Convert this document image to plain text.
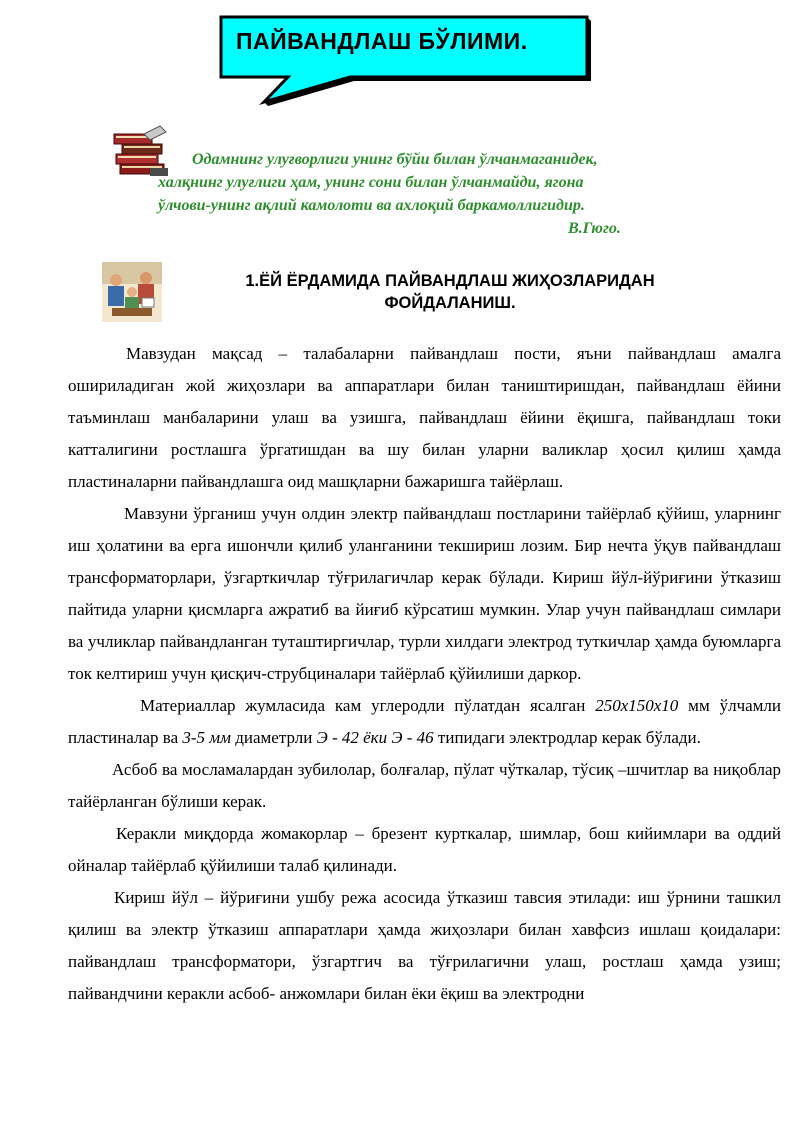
ПАЙВАНДЛАШ БЎЛИМИ.
Одамнинг улуғворлиги унинг бўйи билан ўлчанмаганидек,
халқнинг улуғлиги ҳам, унинг сони билан ўлчанмайди, ягона
ўлчови-унинг ақлий камолоти ва ахлоқий баркамоллигидир.
В.Гюго.
1.ЁЙ ЁРДАМИДА ПАЙВАНДЛАШ ЖИҲОЗЛАРИДАН
ФОЙДАЛАНИШ.

Мавзудан мақсад – талабаларни пайвандлаш пости, яъни пайвандлаш амалга ошириладиган жой жиҳозлари ва аппаратлари билан таништиришдан, пайвандлаш ёйини таъминлаш манбаларини улаш ва узишга, пайвандлаш ёйини ёқишга, пайвандлаш токи катталигини ростлашга ўргатишдан ва шу билан уларни валиклар ҳосил қилиш ҳамда пластиналарни пайвандлашга оид машқларни бажаришга тайёрлаш.

Мавзуни ўрганиш учун олдин электр пайвандлаш постларини тайёрлаб қўйиш, уларнинг иш ҳолатини ва ерга ишончли қилиб уланганини текшириш лозим. Бир нечта ўқув пайвандлаш трансформаторлари, ўзгарткичлар тўғрилагичлар керак бўлади. Кириш йўл-йўриғини ўтказиш пайтида уларни қисмларга ажратиб ва йиғиб кўрсатиш мумкин. Улар учун пайвандлаш симлари ва учликлар пайвандланган туташтиргичлар, турли хилдаги электрод туткичлар ҳамда буюмларга ток келтириш учун қисқич-струбциналари тайёрлаб қўйилиши даркор.

Материаллар жумласида кам углеродли пўлатдан ясалган 250х150х10 мм ўлчамли пластиналар ва 3-5 мм диаметрли Э - 42 ёки Э - 46 типидаги электродлар керак бўлади.

Асбоб ва мосламалардан зубилолар, болғалар, пўлат чўткалар, тўсиқ –шчитлар ва ниқоблар тайёрланган бўлиши керак.

Керакли миқдорда жомакорлар – брезент курткалар, шимлар, бош кийимлари ва оддий ойналар тайёрлаб қўйилиши талаб қилинади.

Кириш йўл – йўриғини ушбу режа асосида ўтказиш тавсия этилади: иш ўрнини ташкил қилиш ва электр ўтказиш аппаратлари ҳамда жиҳозлари билан хавфсиз ишлаш қоидалари: пайвандлаш трансформатори, ўзгартгич ва тўғрилагични улаш, ростлаш ҳамда узиш; пайвандчини керакли асбоб- анжомлари билан ёки ёқиш ва электродни
